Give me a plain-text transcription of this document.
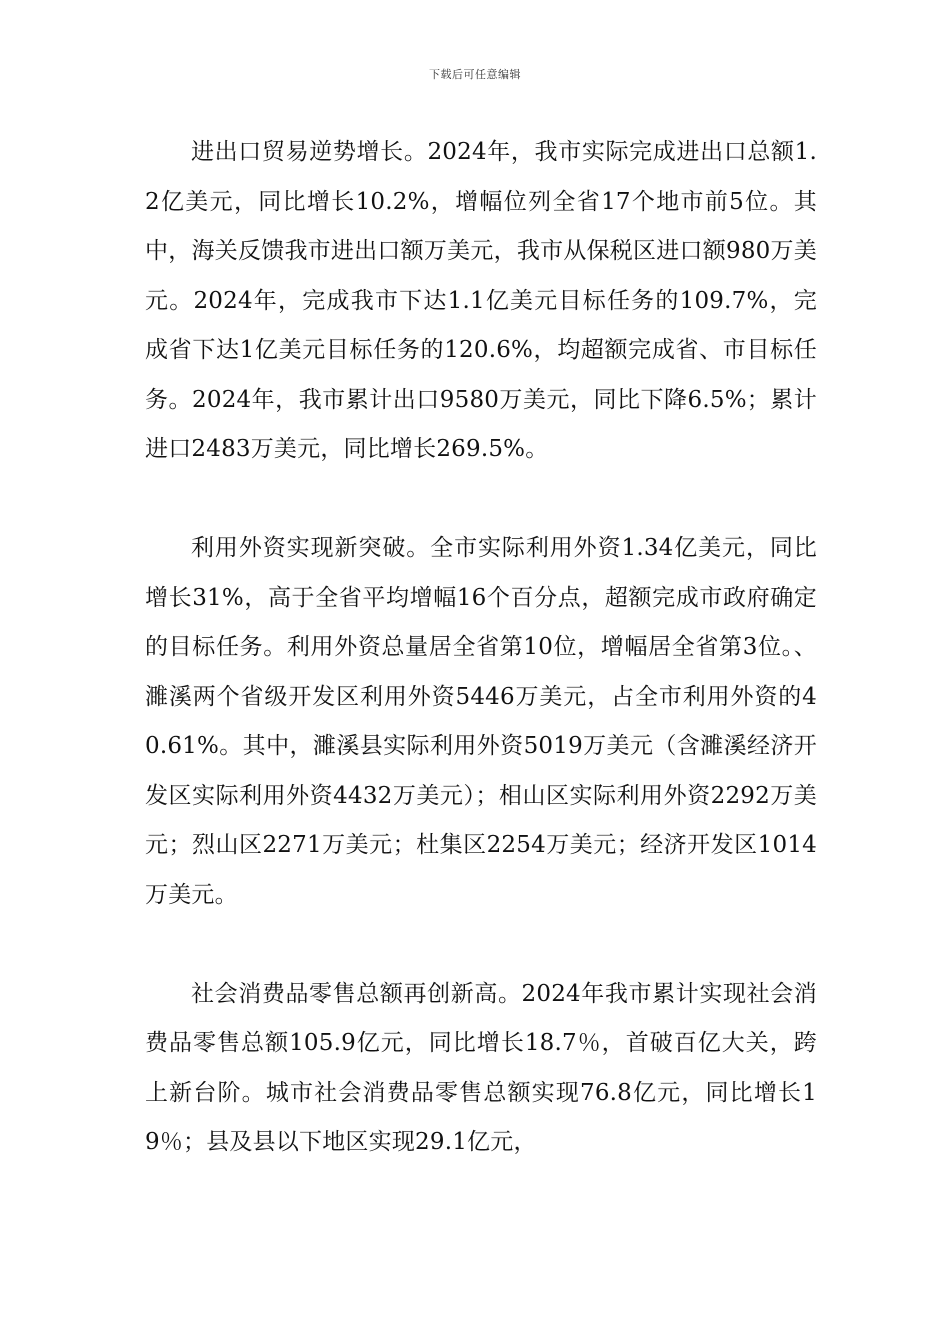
下载后可任意编辑

进出口贸易逆势增长。2024年，我市实际完成进出口总额1.2亿美元，同比增长10.2%，增幅位列全省17个地市前5位。其中，海关反馈我市进出口额万美元，我市从保税区进口额980万美元。2024年，完成我市下达1.1亿美元目标任务的109.7%，完成省下达1亿美元目标任务的120.6%，均超额完成省、市目标任务。2024年，我市累计出口9580万美元，同比下降6.5%；累计进口2483万美元，同比增长269.5%。

利用外资实现新突破。全市实际利用外资1.34亿美元，同比增长31%，高于全省平均增幅16个百分点，超额完成市政府确定的目标任务。利用外资总量居全省第10位，增幅居全省第3位。、濉溪两个省级开发区利用外资5446万美元，占全市利用外资的40.61%。其中，濉溪县实际利用外资5019万美元（含濉溪经济开发区实际利用外资4432万美元）；相山区实际利用外资2292万美元；烈山区2271万美元；杜集区2254万美元；经济开发区1014万美元。

社会消费品零售总额再创新高。2024年我市累计实现社会消费品零售总额105.9亿元，同比增长18.7％，首破百亿大关，跨上新台阶。城市社会消费品零售总额实现76.8亿元，同比增长19％；县及县以下地区实现29.1亿元，
